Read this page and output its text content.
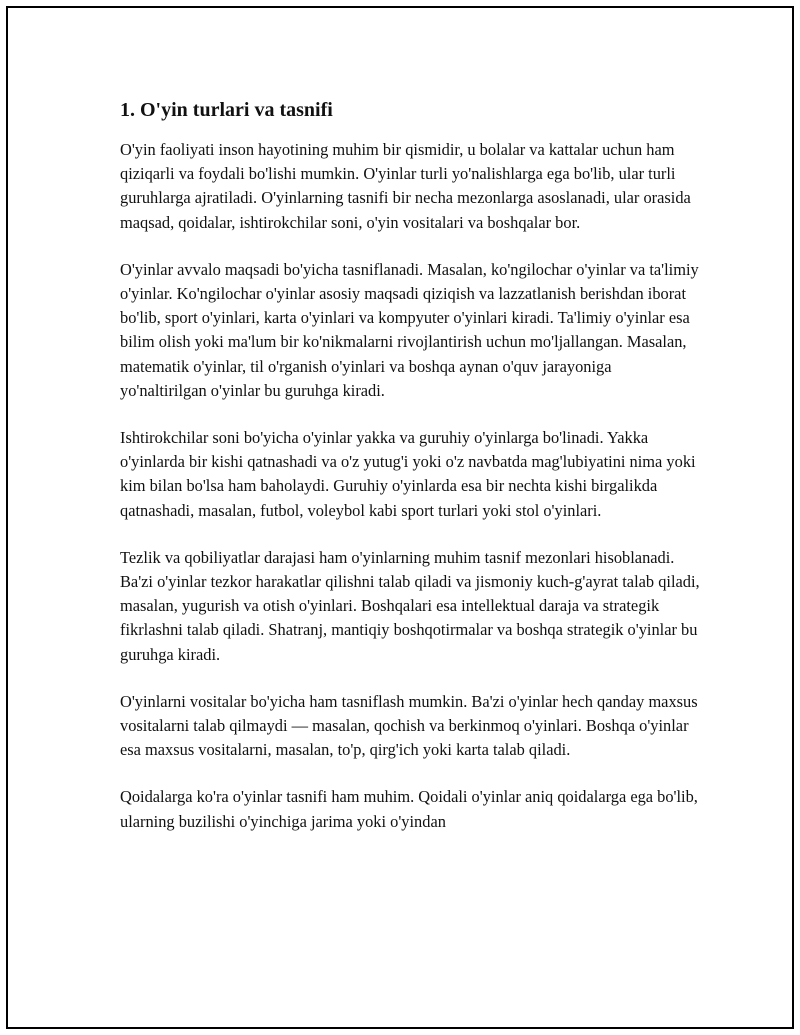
1. O'yin turlari va tasnifi

O'yin faoliyati inson hayotining muhim bir qismidir, u bolalar va kattalar uchun ham qiziqarli va foydali bo'lishi mumkin. O'yinlar turli yo'nalishlarga ega bo'lib, ular turli guruhlarga ajratiladi. O'yinlarning tasnifi bir necha mezonlarga asoslanadi, ular orasida maqsad, qoidalar, ishtirokchilar soni, o'yin vositalari va boshqalar bor.

O'yinlar avvalo maqsadi bo'yicha tasniflanadi. Masalan, ko'ngilochar o'yinlar va ta'limiy o'yinlar. Ko'ngilochar o'yinlar asosiy maqsadi qiziqish va lazzatlanish berishdan iborat bo'lib, sport o'yinlari, karta o'yinlari va kompyuter o'yinlari kiradi. Ta'limiy o'yinlar esa bilim olish yoki ma'lum bir ko'nikmalarni rivojlantirish uchun mo'ljallangan. Masalan, matematik o'yinlar, til o'rganish o'yinlari va boshqa aynan o'quv jarayoniga yo'naltirilgan o'yinlar bu guruhga kiradi.

Ishtirokchilar soni bo'yicha o'yinlar yakka va guruhiy o'yinlarga bo'linadi. Yakka o'yinlarda bir kishi qatnashadi va o'z yutug'i yoki o'z navbatda mag'lubiyatini nima yoki kim bilan bo'lsa ham baholaydi. Guruhiy o'yinlarda esa bir nechta kishi birgalikda qatnashadi, masalan, futbol, voleybol kabi sport turlari yoki stol o'yinlari.

Tezlik va qobiliyatlar darajasi ham o'yinlarning muhim tasnif mezonlari hisoblanadi. Ba'zi o'yinlar tezkor harakatlar qilishni talab qiladi va jismoniy kuch-g'ayrat talab qiladi, masalan, yugurish va otish o'yinlari. Boshqalari esa intellektual daraja va strategik fikrlashni talab qiladi. Shatranj, mantiqiy boshqotirmalar va boshqa strategik o'yinlar bu guruhga kiradi.

O'yinlarni vositalar bo'yicha ham tasniflash mumkin. Ba'zi o'yinlar hech qanday maxsus vositalarni talab qilmaydi — masalan, qochish va berkinmoq o'yinlari. Boshqa o'yinlar esa maxsus vositalarni, masalan, to'p, qirg'ich yoki karta talab qiladi.

Qoidalarga ko'ra o'yinlar tasnifi ham muhim. Qoidali o'yinlar aniq qoidalarga ega bo'lib, ularning buzilishi o'yinchiga jarima yoki o'yindan
